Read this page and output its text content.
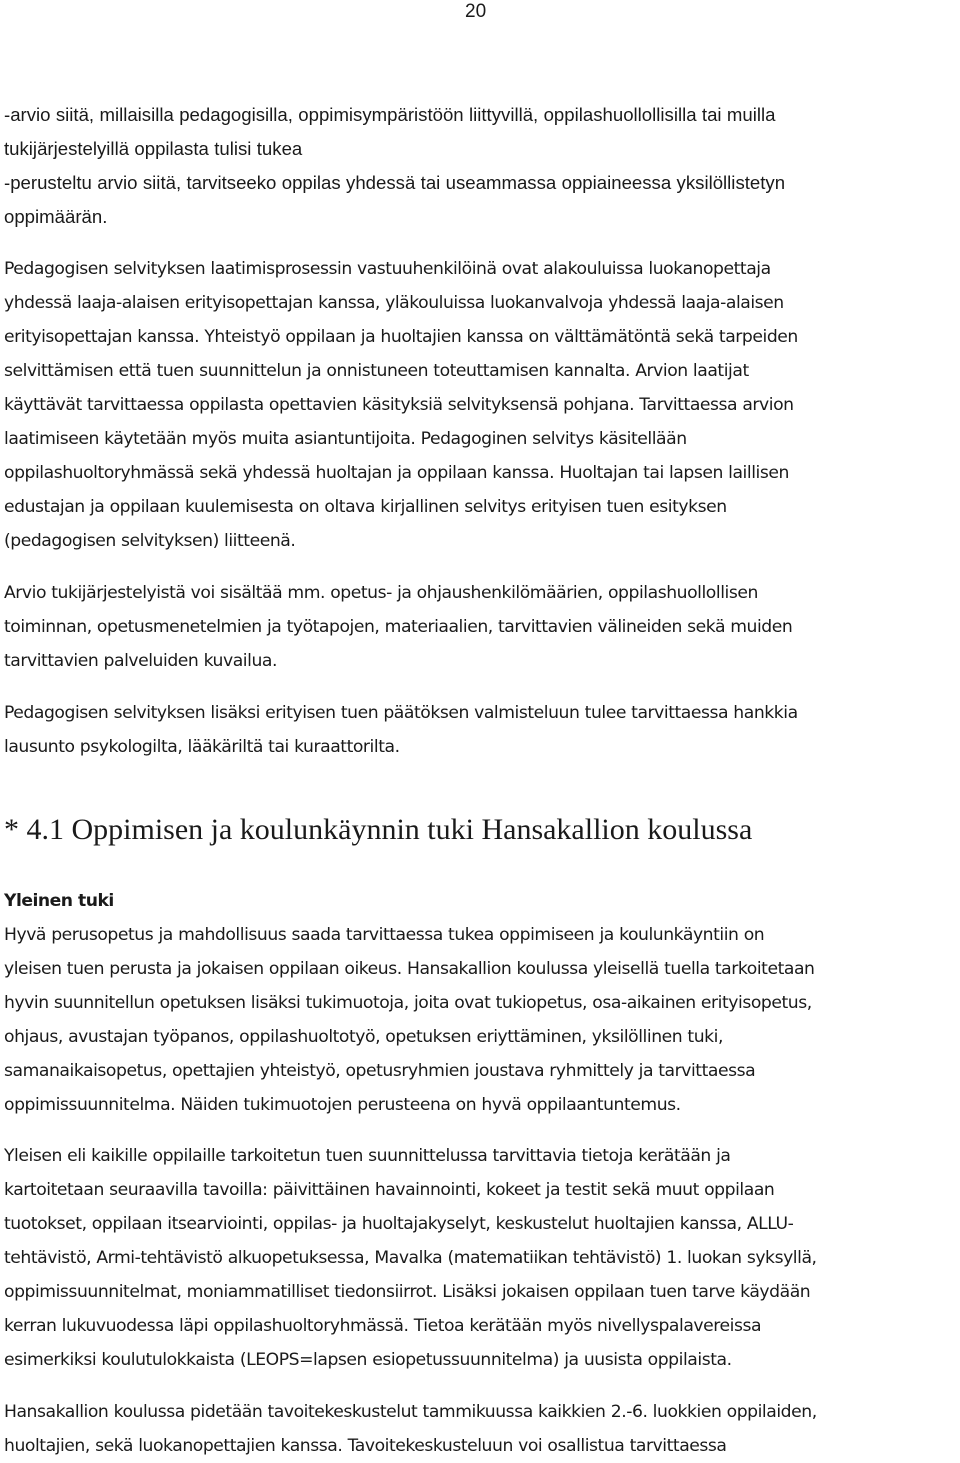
20

-arvio siitä, millaisilla pedagogisilla, oppimisympäristöön liittyvillä, oppilashuollollisilla tai muilla
tukijärjestelyillä oppilasta tulisi tukea
-perusteltu arvio siitä, tarvitseeko oppilas yhdessä tai useammassa oppiaineessa yksilöllistetyn
oppimäärän.

Pedagogisen selvityksen laatimisprosessin vastuuhenkilöinä ovat alakouluissa luokanopettaja
yhdessä laaja-alaisen erityisopettajan kanssa, yläkouluissa luokanvalvoja yhdessä laaja-alaisen
erityisopettajan kanssa. Yhteistyö oppilaan ja huoltajien kanssa on välttämätöntä sekä tarpeiden
selvittämisen että tuen suunnittelun ja onnistuneen toteuttamisen kannalta. Arvion laatijat
käyttävät tarvittaessa oppilasta opettavien käsityksiä selvityksensä pohjana. Tarvittaessa arvion
laatimiseen käytetään myös muita asiantuntijoita. Pedagoginen selvitys käsitellään
oppilashuoltoryhmässä sekä yhdessä huoltajan ja oppilaan kanssa. Huoltajan tai lapsen laillisen
edustajan ja oppilaan kuulemisesta on oltava kirjallinen selvitys erityisen tuen esityksen
(pedagogisen selvityksen) liitteenä.

Arvio tukijärjestelyistä voi sisältää mm. opetus- ja ohjaushenkilömäärien, oppilashuollollisen
toiminnan, opetusmenetelmien ja työtapojen, materiaalien, tarvittavien välineiden sekä muiden
tarvittavien palveluiden kuvailua.

Pedagogisen selvityksen lisäksi erityisen tuen päätöksen valmisteluun tulee tarvittaessa hankkia
lausunto psykologilta, lääkäriltä tai kuraattorilta.

* 4.1 Oppimisen ja koulunkäynnin tuki Hansakallion koulussa
Yleinen tuki

Hyvä perusopetus ja mahdollisuus saada tarvittaessa tukea oppimiseen ja koulunkäyntiin on
yleisen tuen perusta ja jokaisen oppilaan oikeus. Hansakallion koulussa yleisellä tuella tarkoitetaan
hyvin suunnitellun opetuksen lisäksi tukimuotoja, joita ovat tukiopetus, osa-aikainen erityisopetus,
ohjaus, avustajan työpanos, oppilashuoltotyö, opetuksen eriyttäminen, yksilöllinen tuki,
samanaikaisopetus, opettajien yhteistyö, opetusryhmien joustava ryhmittely ja tarvittaessa
oppimissuunnitelma. Näiden tukimuotojen perusteena on hyvä oppilaantuntemus.

Yleisen eli kaikille oppilaille tarkoitetun tuen suunnittelussa tarvittavia tietoja kerätään ja
kartoitetaan seuraavilla tavoilla: päivittäinen havainnointi, kokeet ja testit sekä muut oppilaan
tuotokset, oppilaan itsearviointi, oppilas- ja huoltajakyselyt, keskustelut huoltajien kanssa, ALLU-
tehtävistö, Armi-tehtävistö alkuopetuksessa, Mavalka (matematiikan tehtävistö) 1. luokan syksyllä,
oppimissuunnitelmat, moniammatilliset tiedonsiirrot. Lisäksi jokaisen oppilaan tuen tarve käydään
kerran lukuvuodessa läpi oppilashuoltoryhmässä. Tietoa kerätään myös nivellyspalavereissa
esimerkiksi koulutulokkaista (LEOPS=lapsen esiopetussuunnitelma) ja uusista oppilaista.

Hansakallion koulussa pidetään tavoitekeskustelut tammikuussa kaikkien 2.-6. luokkien oppilaiden,
huoltajien, sekä luokanopettajien kanssa. Tavoitekeskusteluun voi osallistua tarvittaessa
